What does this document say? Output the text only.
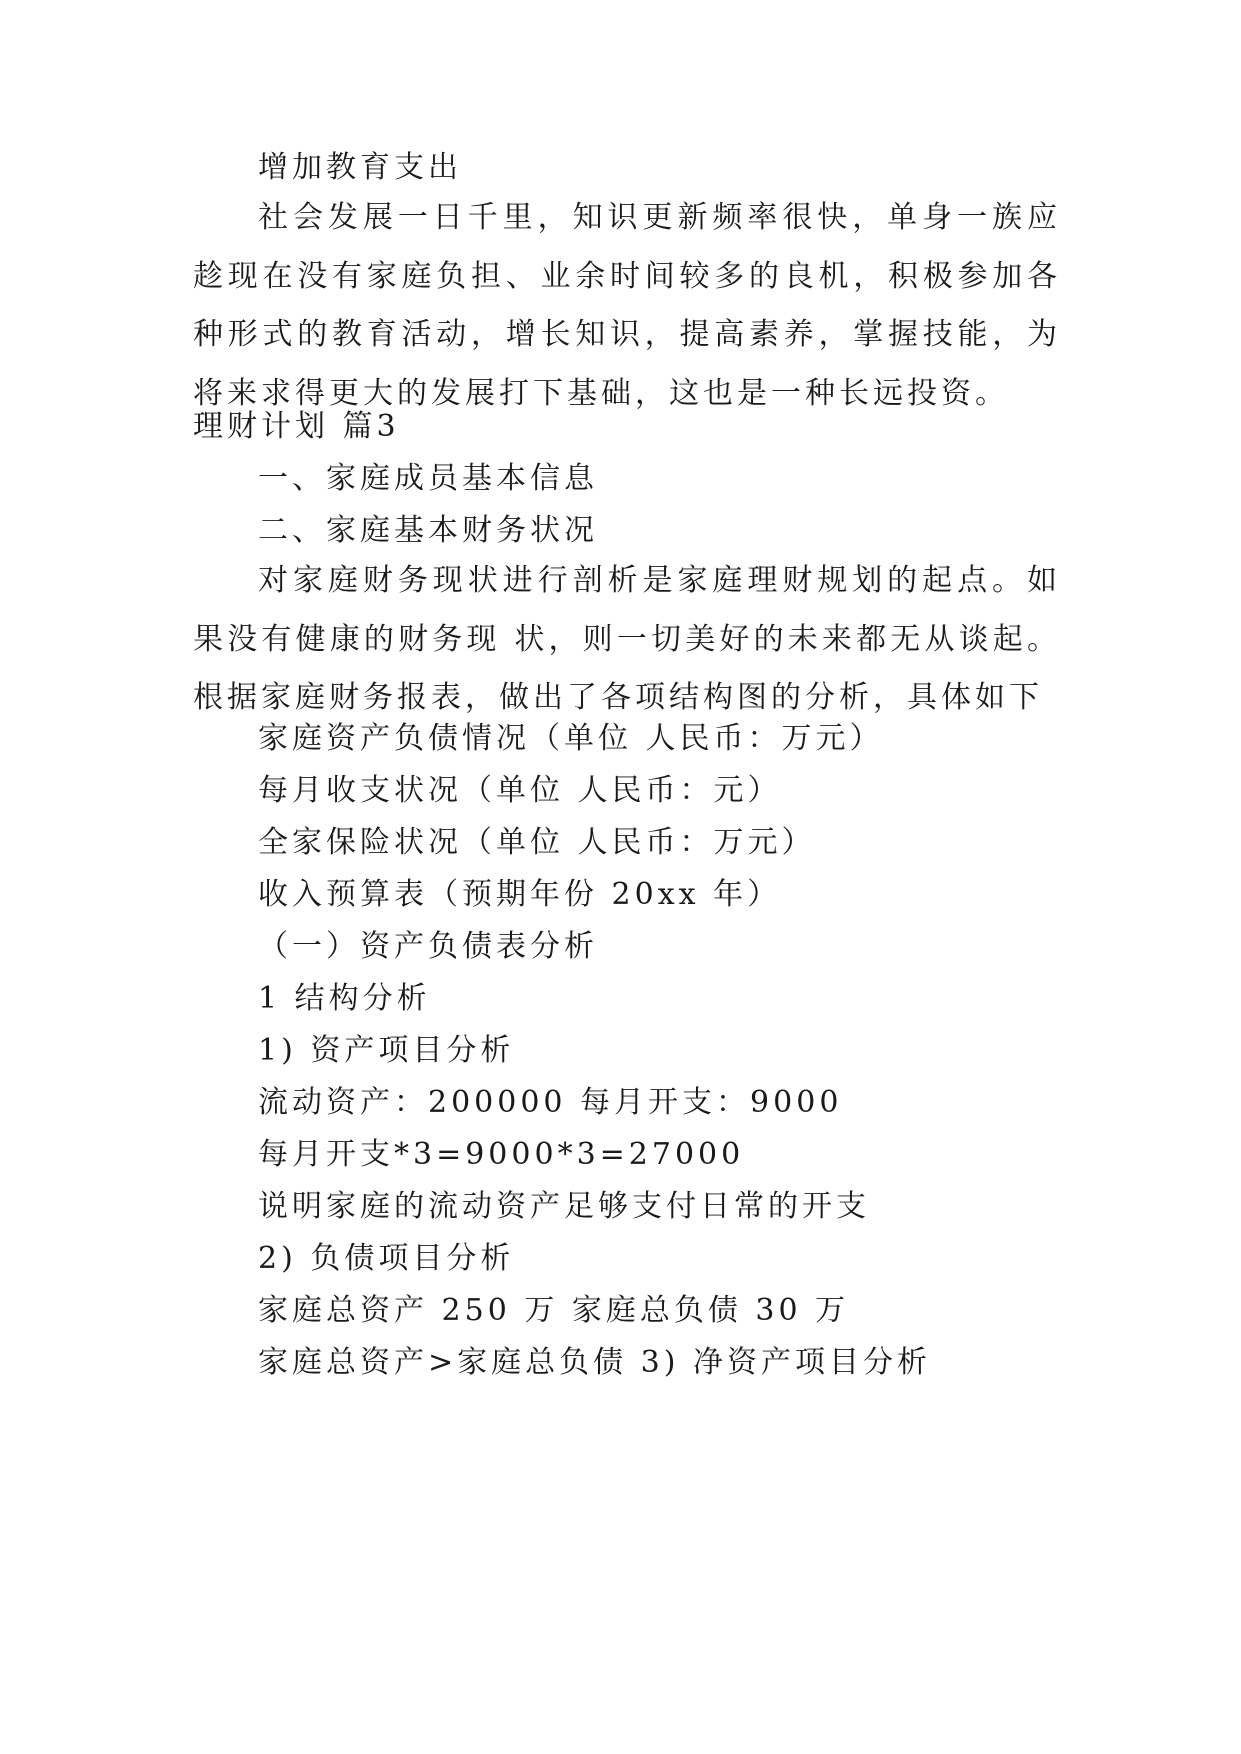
增加教育支出
社会发展一日千里，知识更新频率很快，单身一族应趁现在没有家庭负担、业余时间较多的良机，积极参加各种形式的教育活动，增长知识，提高素养，掌握技能，为将来求得更大的发展打下基础，这也是一种长远投资。
理财计划 篇3
一、家庭成员基本信息
二、家庭基本财务状况
对家庭财务现状进行剖析是家庭理财规划的起点。如果没有健康的财务现 状，则一切美好的未来都无从谈起。根据家庭财务报表，做出了各项结构图的分析，具体如下
家庭资产负债情况（单位 人民币：万元）
每月收支状况（单位 人民币：元）
全家保险状况（单位 人民币：万元）
收入预算表（预期年份 20xx 年）
（一）资产负债表分析
1 结构分析
1) 资产项目分析
流动资产：200000 每月开支：9000
每月开支*3=9000*3=27000
说明家庭的流动资产足够支付日常的开支
2) 负债项目分析
家庭总资产 250 万 家庭总负债 30 万
家庭总资产>家庭总负债 3) 净资产项目分析
